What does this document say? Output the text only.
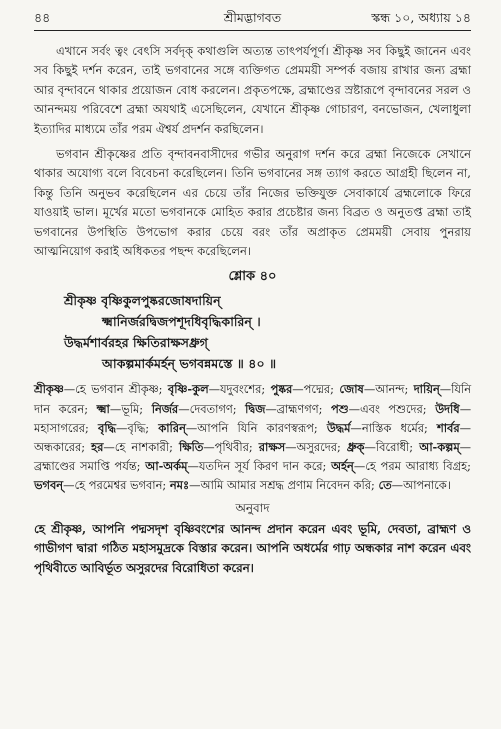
৪৪	শ্রীমদ্ভাগবত	স্কন্ধ ১০, অধ্যায় ১৪

এখানে সর্বং ত্বং বেৎসি সর্বদৃক্ কথাগুলি অত্যন্ত তাৎপর্যপূর্ণ। শ্রীকৃষ্ণ সব কিছুই জানেন এবং সব কিছুই দর্শন করেন, তাই ভগবানের সঙ্গে ব্যক্তিগত প্রেমময়ী সম্পর্ক বজায় রাখার জন্য ব্রহ্মা আর বৃন্দাবনে থাকার প্রয়োজন বোধ করলেন। প্রকৃতপক্ষে, ব্রহ্মাণ্ডের স্রষ্টারূপে বৃন্দাবনের সরল ও আনন্দময় পরিবেশে ব্রহ্মা অযথাই এসেছিলেন, যেখানে শ্রীকৃষ্ণ গোচারণ, বনভোজন, খেলাধুলা ইত্যাদির মাধ্যমে তাঁর পরম ঐশ্বর্য প্রদর্শন করছিলেন।

ভগবান শ্রীকৃষ্ণের প্রতি বৃন্দাবনবাসীদের গভীর অনুরাগ দর্শন করে ব্রহ্মা নিজেকে সেখানে থাকার অযোগ্য বলে বিবেচনা করেছিলেন। তিনি ভগবানের সঙ্গ ত্যাগ করতে আগ্রহী ছিলেন না, কিন্তু তিনি অনুভব করেছিলেন এর চেয়ে তাঁর নিজের ভক্তিযুক্ত সেবাকার্যে ব্রহ্মলোকে ফিরে যাওয়াই ভাল। মূর্খের মতো ভগবানকে মোহিত করার প্রচেষ্টার জন্য বিব্রত ও অনুতপ্ত ব্রহ্মা তাই ভগবানের উপস্থিতি উপভোগ করার চেয়ে বরং তাঁর অপ্রাকৃত প্রেমময়ী সেবায় পুনরায় আত্মনিয়োগ করাই অধিকতর পছন্দ করেছিলেন।

শ্লোক ৪০
শ্রীকৃষ্ণ বৃষ্ণিকুলপুষ্করজোষদায়িন্
ক্ষ্মানির্জরদ্বিজপশূদধিবৃদ্ধিকারিন্ ।
উদ্ধর্মশার্বরহর ক্ষিতিরাক্ষসধ্রুগ্
আকল্পমার্কমর্হন্ ভগবন্নমস্তে ॥ ৪০ ॥

শ্রীকৃষ্ণ—হে ভগবান শ্রীকৃষ্ণ; বৃষ্ণি-কুল—যদুবংশের; পুষ্কর—পদ্মের; জোষ—আনন্দ; দায়িন্—যিনি দান করেন; ক্ষ্মা—ভূমি; নির্জর—দেবতাগণ; দ্বিজ—ব্রাহ্মণগণ; পশু—এবং পশুদের; উদধি—মহাসাগরের; বৃদ্ধি—বৃদ্ধি; কারিন্—আপনি যিনি কারণস্বরূপ; উদ্ধর্ম—নাস্তিক ধর্মের; শার্বর—অন্ধকারের; হর—হে নাশকারী; ক্ষিতি—পৃথিবীর; রাক্ষস—অসুরদের; ধ্রুক্—বিরোধী; আ-কল্পম্—ব্রহ্মাণ্ডের সমাপ্তি পর্যন্ত; আ-অর্কম্—যতদিন সূর্য কিরণ দান করে; অর্হন্—হে পরম আরাধ্য বিগ্রহ; ভগবন্—হে পরমেশ্বর ভগবান; নমঃ—আমি আমার সশ্রদ্ধ প্রণাম নিবেদন করি; তে—আপনাকে।

অনুবাদ

হে শ্রীকৃষ্ণ, আপনি পদ্মসদৃশ বৃষ্ণিবংশের আনন্দ প্রদান করেন এবং ভূমি, দেবতা, ব্রাহ্মণ ও গাভীগণ দ্বারা গঠিত মহাসমুদ্রকে বিস্তার করেন। আপনি অধর্মের গাঢ় অন্ধকার নাশ করেন এবং পৃথিবীতে আবির্ভূত অসুরদের বিরোধিতা করেন।
